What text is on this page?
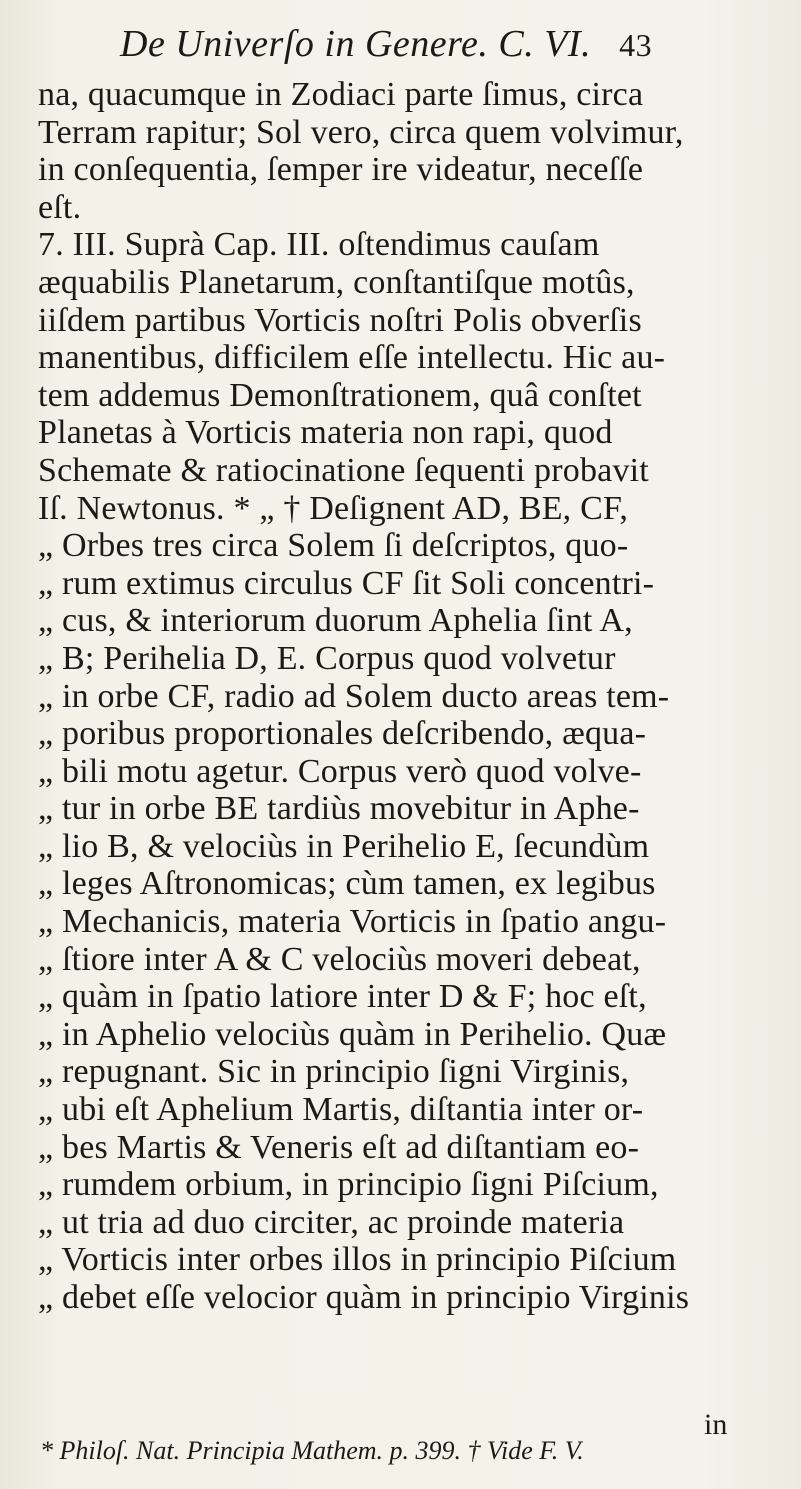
De Univerſo in Genere. C. VI. 43
na, quacumque in Zodiaci parte ſimus, circa
Terram rapitur; Sol vero, circa quem volvimur,
in conſequentia, ſemper ire videatur, neceſſe
eſt.
7. III. Suprà Cap. III. oſtendimus cauſam
æquabilis Planetarum, conſtantiſque motûs,
iiſdem partibus Vorticis noſtri Polis obverſis
manentibus, difficilem eſſe intellectu. Hic au-
tem addemus Demonſtrationem, quâ conſtet
Planetas à Vorticis materia non rapi, quod
Schemate & ratiocinatione ſequenti probavit
Iſ. Newtonus. * „ † Deſignent AD, BE, CF,
„ Orbes tres circa Solem ſi deſcriptos, quo-
„ rum extimus circulus CF ſit Soli concentri-
„ cus, & interiorum duorum Aphelia ſint A,
„ B; Perihelia D, E. Corpus quod volvetur
„ in orbe CF, radio ad Solem ducto areas tem-
„ poribus proportionales deſcribendo, æqua-
„ bili motu agetur. Corpus verò quod volve-
„ tur in orbe BE tardiùs movebitur in Aphe-
„ lio B, & velociùs in Perihelio E, ſecundùm
„ leges Aſtronomicas; cùm tamen, ex legibus
„ Mechanicis, materia Vorticis in ſpatio angu-
„ ſtiore inter A & C velociùs moveri debeat,
„ quàm in ſpatio latiore inter D & F; hoc eſt,
„ in Aphelio velociùs quàm in Perihelio. Quæ
„ repugnant. Sic in principio ſigni Virginis,
„ ubi eſt Aphelium Martis, diſtantia inter or-
„ bes Martis & Veneris eſt ad diſtantiam eo-
„ rumdem orbium, in principio ſigni Piſcium,
„ ut tria ad duo circiter, ac proinde materia
„ Vorticis inter orbes illos in principio Piſcium
„ debet eſſe velocior quàm in principio Virginis
in
* Philoſ. Nat. Principia Mathem. p. 399. † Vide F. V.
